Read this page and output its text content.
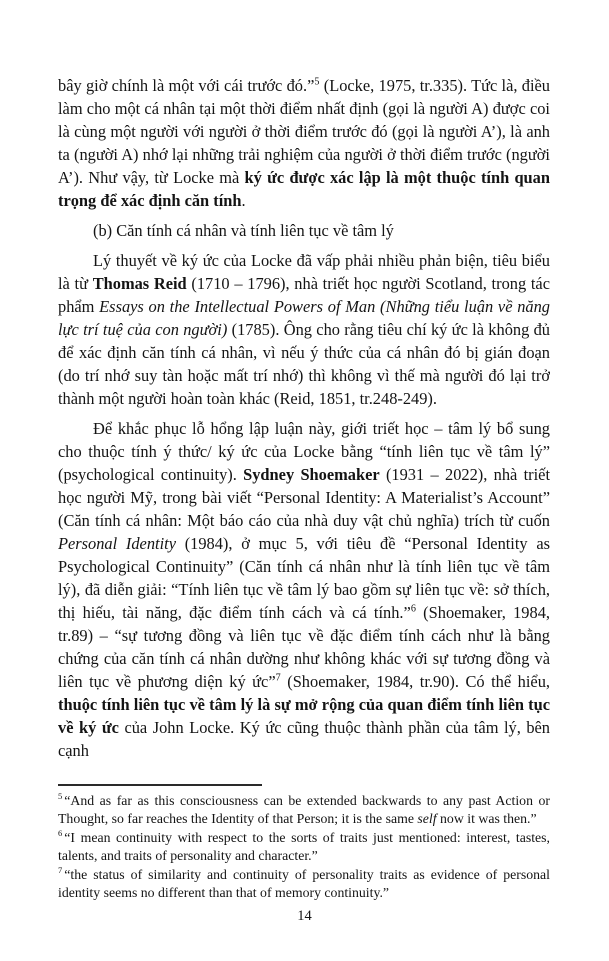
bây giờ chính là một với cái trước đó.”$^5$ (Locke, 1975, tr.335). Tức là, điều làm cho một cá nhân tại một thời điểm nhất định (gọi là người A) được coi là cùng một người với người ở thời điểm trước đó (gọi là người A’), là anh ta (người A) nhớ lại những trải nghiệm của người ở thời điểm trước (người A’). Như vậy, từ Locke mà ký ức được xác lập là một thuộc tính quan trọng để xác định căn tính.

(b) Căn tính cá nhân và tính liên tục về tâm lý

Lý thuyết về ký ức của Locke đã vấp phải nhiều phản biện, tiêu biểu là từ Thomas Reid (1710 – 1796), nhà triết học người Scotland, trong tác phẩm Essays on the Intellectual Powers of Man (Những tiểu luận về năng lực trí tuệ của con người) (1785). Ông cho rằng tiêu chí ký ức là không đủ để xác định căn tính cá nhân, vì nếu ý thức của cá nhân đó bị gián đoạn (do trí nhớ suy tàn hoặc mất trí nhớ) thì không vì thế mà người đó lại trở thành một người hoàn toàn khác (Reid, 1851, tr.248-249).

Để khắc phục lỗ hổng lập luận này, giới triết học – tâm lý bổ sung cho thuộc tính ý thức/ ký ức của Locke bằng “tính liên tục về tâm lý” (psychological continuity). Sydney Shoemaker (1931 – 2022), nhà triết học người Mỹ, trong bài viết “Personal Identity: A Materialist’s Account” (Căn tính cá nhân: Một báo cáo của nhà duy vật chủ nghĩa) trích từ cuốn Personal Identity (1984), ở mục 5, với tiêu đề “Personal Identity as Psychological Continuity” (Căn tính cá nhân như là tính liên tục về tâm lý), đã diễn giải: “Tính liên tục về tâm lý bao gồm sự liên tục về: sở thích, thị hiếu, tài năng, đặc điểm tính cách và cá tính.”$^6$ (Shoemaker, 1984, tr.89) – “sự tương đồng và liên tục về đặc điểm tính cách như là bằng chứng của căn tính cá nhân dường như không khác với sự tương đồng và liên tục về phương diện ký ức”$^7$ (Shoemaker, 1984, tr.90). Có thể hiểu, thuộc tính liên tục về tâm lý là sự mở rộng của quan điểm tính liên tục về ký ức của John Locke. Ký ức cũng thuộc thành phần của tâm lý, bên cạnh

$^5$ “And as far as this consciousness can be extended backwards to any past Action or Thought, so far reaches the Identity of that Person; it is the same self now it was then.”

$^6$ “I mean continuity with respect to the sorts of traits just mentioned: interest, tastes, talents, and traits of personality and character.”

$^7$ “the status of similarity and continuity of personality traits as evidence of personal identity seems no different than that of memory continuity.”

14
